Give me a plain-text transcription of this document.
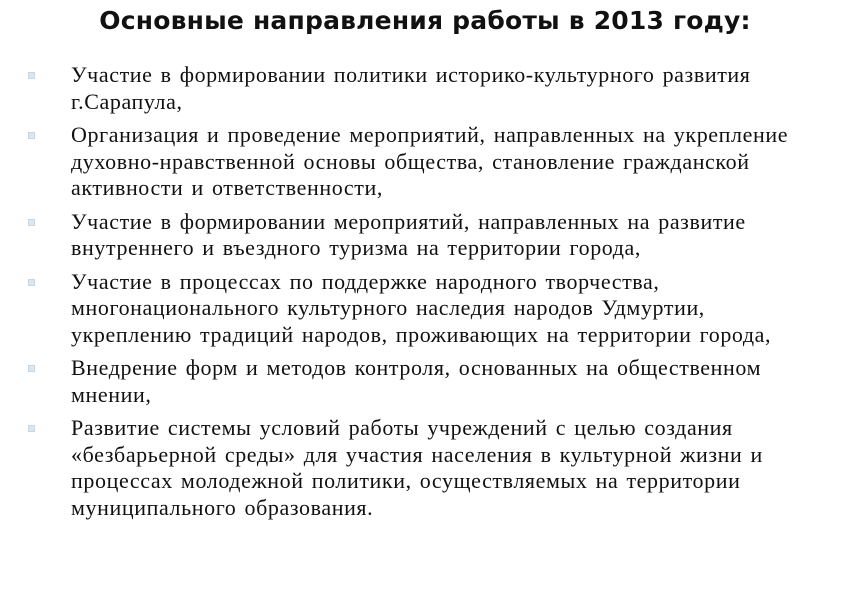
Основные направления работы в 2013 году:
Участие в формировании политики историко-культурного развития г.Сарапула,
Организация и проведение мероприятий, направленных на укрепление духовно-нравственной основы общества, становление гражданской активности и ответственности,
Участие в формировании мероприятий, направленных на развитие внутреннего и въездного туризма на территории города,
Участие в процессах по поддержке народного творчества, многонационального культурного наследия народов Удмуртии, укреплению традиций народов, проживающих на территории города,
Внедрение форм и методов контроля, основанных на общественном мнении,
Развитие системы условий работы учреждений с целью создания «безбарьерной среды» для участия населения в культурной жизни и процессах молодежной политики, осуществляемых на территории муниципального образования.
